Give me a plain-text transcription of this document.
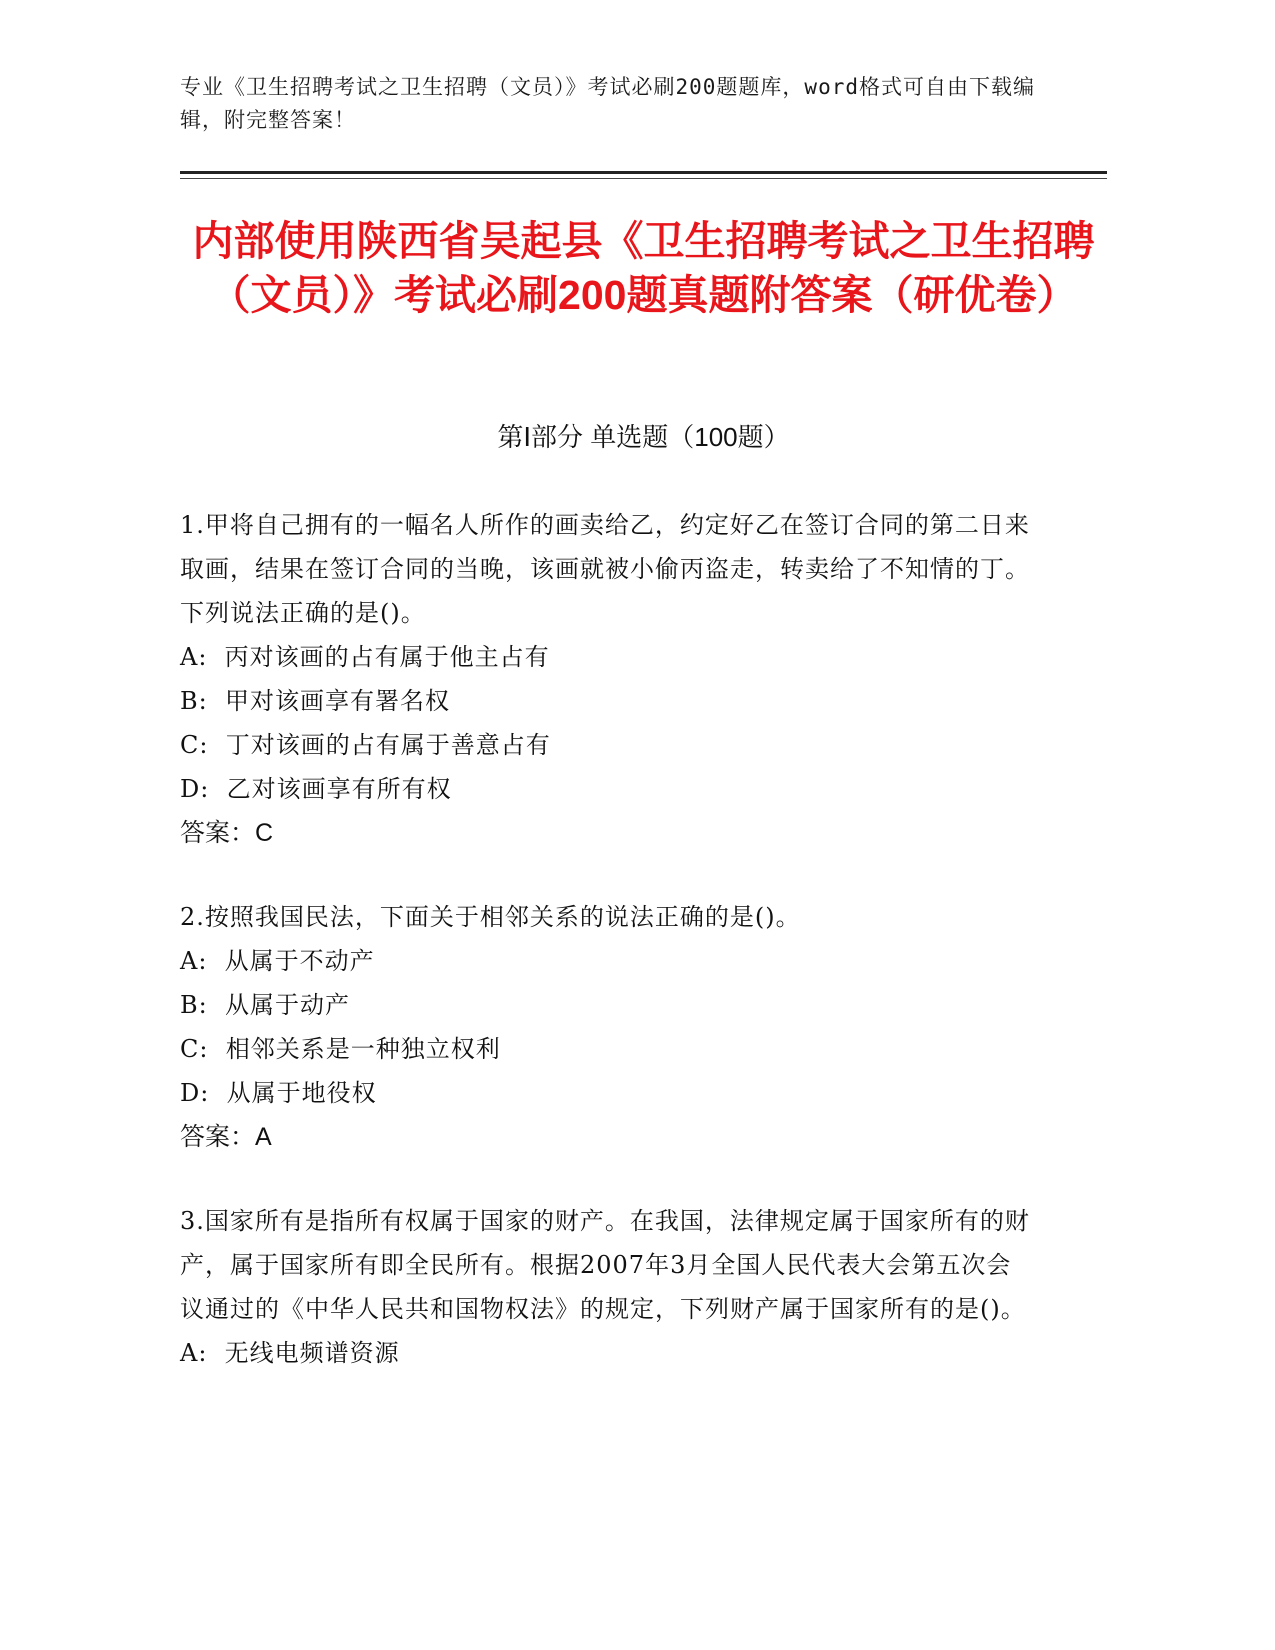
专业《卫生招聘考试之卫生招聘（文员）》考试必刷200题题库，word格式可自由下载编辑，附完整答案！
内部使用陕西省吴起县《卫生招聘考试之卫生招聘（文员）》考试必刷200题真题附答案（研优卷）
第Ⅰ部分 单选题（100题）
1.甲将自己拥有的一幅名人所作的画卖给乙，约定好乙在签订合同的第二日来取画，结果在签订合同的当晚，该画就被小偷丙盗走，转卖给了不知情的丁。下列说法正确的是()。
A:  丙对该画的占有属于他主占有
B:  甲对该画享有署名权
C:  丁对该画的占有属于善意占有
D:  乙对该画享有所有权
答案：C
2.按照我国民法，下面关于相邻关系的说法正确的是()。
A:  从属于不动产
B:  从属于动产
C:  相邻关系是一种独立权利
D:  从属于地役权
答案：A
3.国家所有是指所有权属于国家的财产。在我国，法律规定属于国家所有的财产，属于国家所有即全民所有。根据2007年3月全国人民代表大会第五次会议通过的《中华人民共和国物权法》的规定，下列财产属于国家所有的是()。
A:  无线电频谱资源
